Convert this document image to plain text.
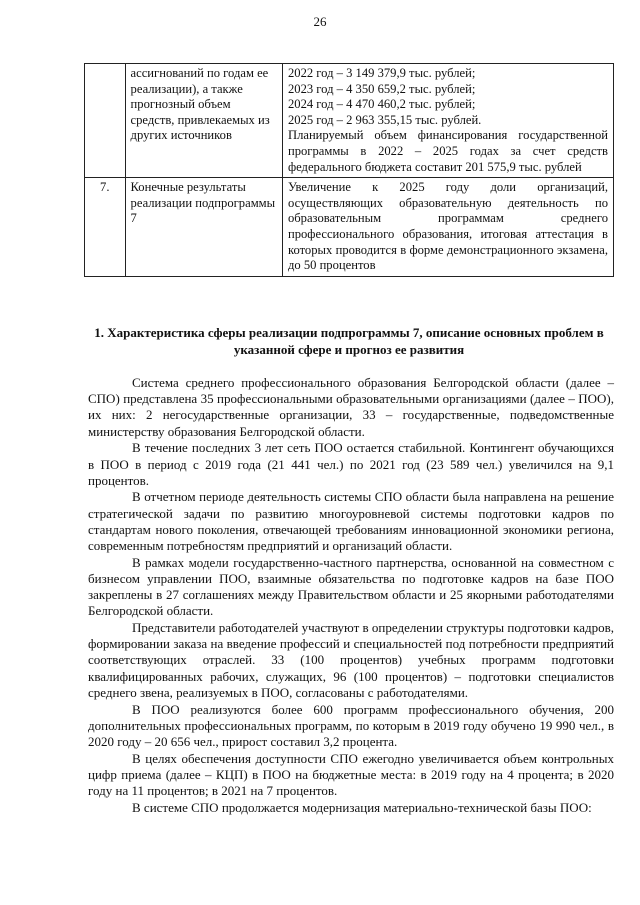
26
	ассигнований по годам ее реализации), а также прогнозный объем средств, привлекаемых из других источников	2022 год – 3 149 379,9 тыс. рублей;
2023 год – 4 350 659,2 тыс. рублей;
2024 год – 4 470 460,2 тыс. рублей;
2025 год – 2 963 355,15 тыс. рублей.
Планируемый объем финансирования государственной программы в 2022 – 2025 годах за счет средств федерального бюджета составит 201 575,9 тыс. рублей

7.	Конечные результаты реализации подпрограммы 7	Увеличение к 2025 году доли организаций, осуществляющих образовательную деятельность по образовательным программам среднего профессионального образования, итоговая аттестация в которых проводится в форме демонстрационного экзамена, до 50 процентов
1. Характеристика сферы реализации подпрограммы 7, описание основных проблем в указанной сфере и прогноз ее развития

Система среднего профессионального образования Белгородской области (далее – СПО) представлена 35 профессиональными образовательными организациями (далее – ПОО), их них: 2 негосударственные организации, 33 – государственные, подведомственные министерству образования Белгородской области.

В течение последних 3 лет сеть ПОО остается стабильной. Контингент обучающихся в ПОО в период с 2019 года (21 441 чел.) по 2021 год (23 589 чел.) увеличился на 9,1 процентов.

В отчетном периоде деятельность системы СПО области была направлена на решение стратегической задачи по развитию многоуровневой системы подготовки кадров по стандартам нового поколения, отвечающей требованиям инновационной экономики региона, современным потребностям предприятий и организаций области.

В рамках модели государственно-частного партнерства, основанной на совместном с бизнесом управлении ПОО, взаимные обязательства по подготовке кадров на базе ПОО закреплены в 27 соглашениях между Правительством области и 25 якорными работодателями Белгородской области.

Представители работодателей участвуют в определении структуры подготовки кадров, формировании заказа на введение профессий и специальностей под потребности предприятий соответствующих отраслей. 33 (100 процентов) учебных программ подготовки квалифицированных рабочих, служащих, 96 (100 процентов) – подготовки специалистов среднего звена, реализуемых в ПОО, согласованы с работодателями.

В ПОО реализуются более 600 программ профессионального обучения, 200 дополнительных профессиональных программ, по которым в 2019 году обучено 19 990 чел., в 2020 году – 20 656 чел., прирост составил 3,2 процента.

В целях обеспечения доступности СПО ежегодно увеличивается объем контрольных цифр приема (далее – КЦП) в ПОО на бюджетные места: в 2019 году на 4 процента; в 2020 году на 11 процентов; в 2021 на 7 процентов.

В системе СПО продолжается модернизация материально-технической базы ПОО:
